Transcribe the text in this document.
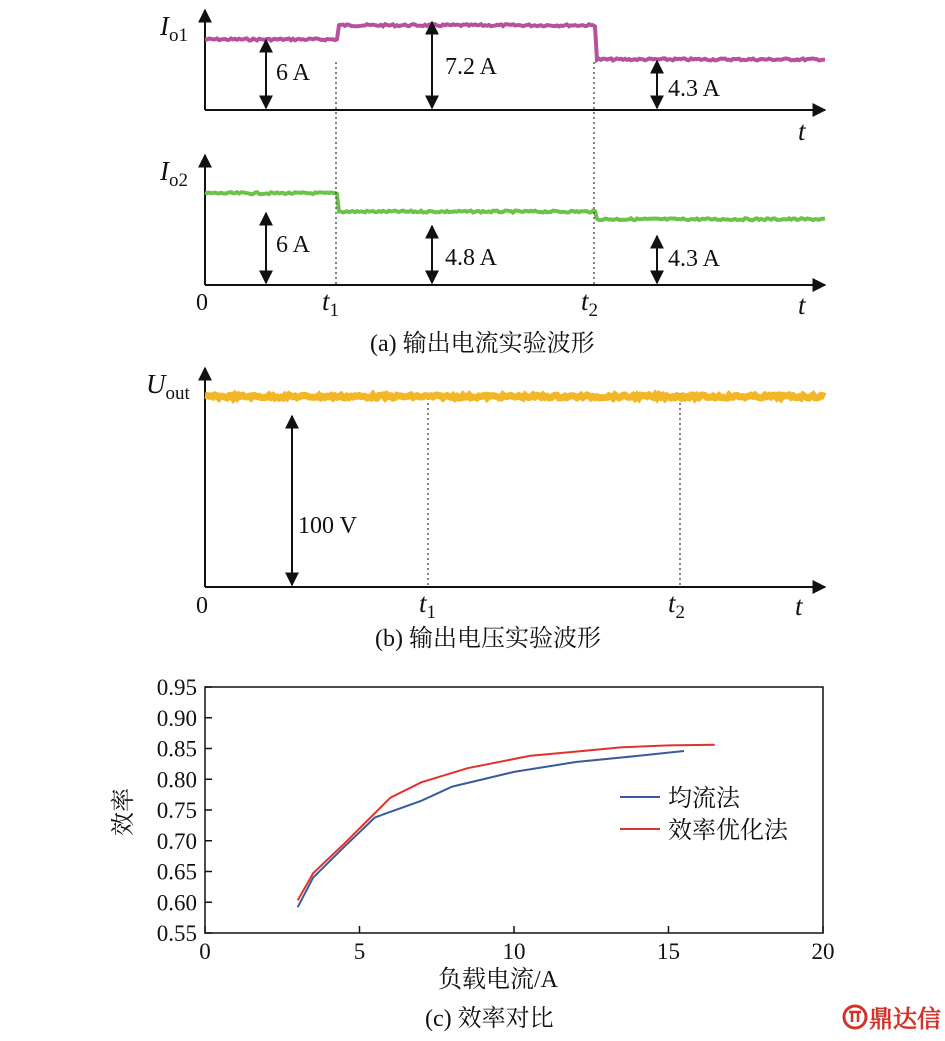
$I_{o1}$
t
6 A	7.2 A
4.3 A
$I_{o2}$
t
0	$t_1$	$t_2$
6 A	4.8 A	4.3 A
(a) 输出电流实验波形
$U_{out}$
t
0	$t_1$	$t_2$
100 V
(b) 输出电压实验波形
0.55
0.60
0.65
0.70
0.75
0.80
0.85
0.90
0.95
0	5	10	15	20
均流法
效率优化法
负载电流/A
效率
(c) 效率对比	鼎达信
